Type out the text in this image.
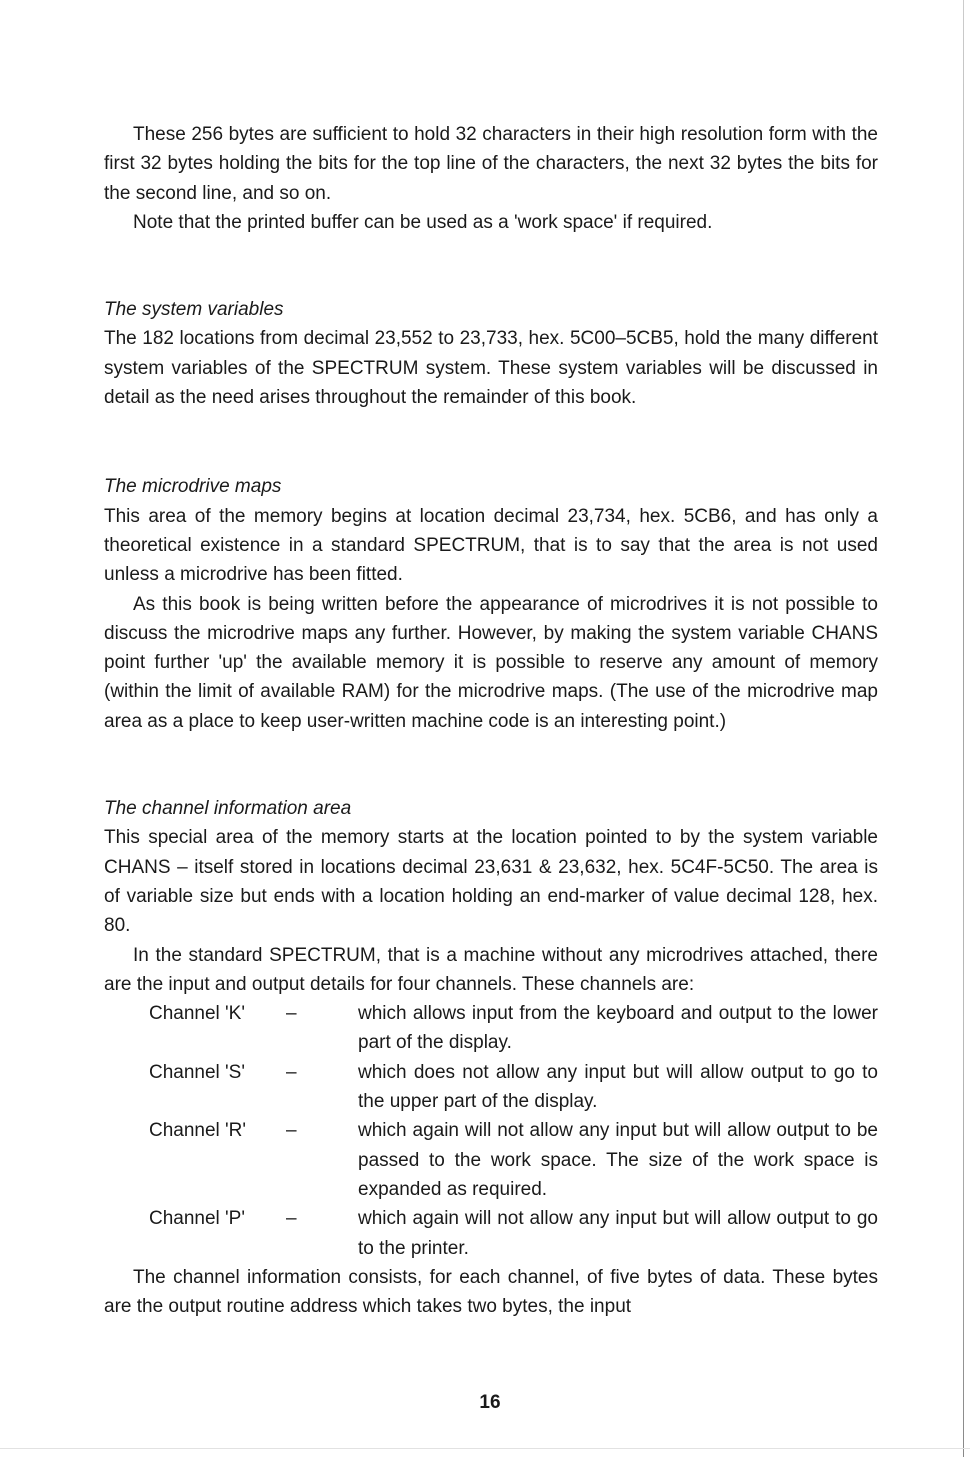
These 256 bytes are sufficient to hold 32 characters in their high resolution form with the first 32 bytes holding the bits for the top line of the characters, the next 32 bytes the bits for the second line, and so on.

Note that the printed buffer can be used as a 'work space' if required.

The system variables

The 182 locations from decimal 23,552 to 23,733, hex. 5C00–5CB5, hold the many different system variables of the SPECTRUM system. These system variables will be discussed in detail as the need arises throughout the remainder of this book.

The microdrive maps

This area of the memory begins at location decimal 23,734, hex. 5CB6, and has only a theoretical existence in a standard SPECTRUM, that is to say that the area is not used unless a microdrive has been fitted.

As this book is being written before the appearance of microdrives it is not possible to discuss the microdrive maps any further. However, by making the system variable CHANS point further 'up' the available memory it is possible to reserve any amount of memory (within the limit of available RAM) for the microdrive maps. (The use of the microdrive map area as a place to keep user-written machine code is an interesting point.)

The channel information area

This special area of the memory starts at the location pointed to by the system variable CHANS – itself stored in locations decimal 23,631 & 23,632, hex. 5C4F-5C50. The area is of variable size but ends with a location holding an end-marker of value decimal 128, hex. 80.

In the standard SPECTRUM, that is a machine without any microdrives attached, there are the input and output details for four channels. These channels are:

Channel 'K'	–	which allows input from the keyboard and output to the lower part of the display.
Channel 'S'	–	which does not allow any input but will allow output to go to the upper part of the display.
Channel 'R'	–	which again will not allow any input but will allow output to be passed to the work space. The size of the work space is expanded as required.
Channel 'P'	–	which again will not allow any input but will allow output to go to the printer.

The channel information consists, for each channel, of five bytes of data. These bytes are the output routine address which takes two bytes, the input

16
